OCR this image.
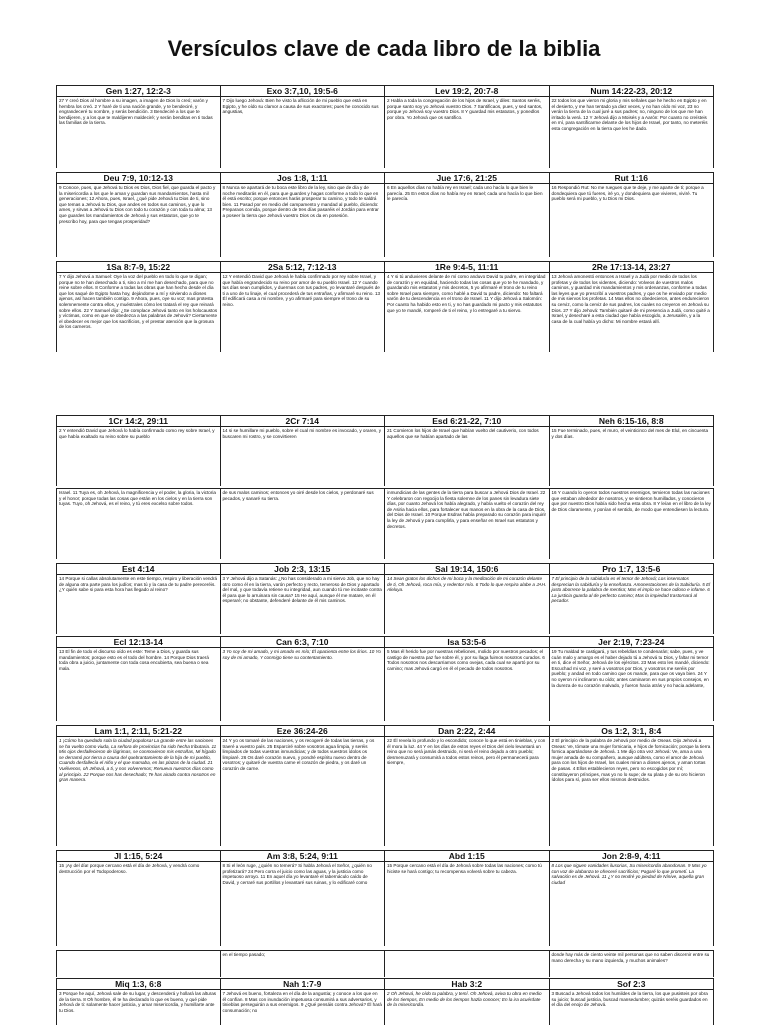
Versículos clave de cada libro de la biblia
Gen 1:27, 12:2-3
27 Y creó Dios al hombre a su imagen, a imagen de Dios lo creó; varón y hembra los creó. 2 Y haré de ti una nación grande, y te bendeciré, y engrandeceré tu nombre, y serás bendición. 3 Bendeciré a los que te bendijeren, y a los que te maldijeren maldeciré; y serán benditas en ti todas las familias de la tierra.
Exo 3:7,10, 19:5-6
7 Dijo luego Jehová: Bien he visto la aflicción de mi pueblo que está en Egipto, y he oído su clamor a causa de sus exactores; pues he conocido sus angustias,
Lev 19:2, 20:7-8
2 Habla a toda la congregación de los hijos de Israel, y diles: Santos seréis, porque santo soy yo Jehová vuestro Dios. 7 Santificaos, pues, y sed santos, porque yo Jehová soy vuestro Dios. 8 Y guardad mis estatutos, y ponedlos por obra. Yo Jehová que os santifico.
Num 14:22-23, 20:12
22 todos los que vieron mi gloria y mis señales que he hecho en Egipto y en el desierto, y me han tentado ya diez veces, y no han oído mi voz, 23 no verán la tierra de la cual juré a sus padres; no, ninguno de los que me han irritado la verá. 12 Y Jehová dijo a Moisés y a Aarón: Por cuanto no creísteis en mí, para santificarme delante de los hijos de Israel, por tanto, no meteréis esta congregación en la tierra que les he dado.
Deu 7:9, 10:12-13
9 Conoce, pues, que Jehová tu Dios es Dios, Dios fiel, que guarda el pacto y la misericordia a los que le aman y guardan sus mandamientos, hasta mil generaciones; 12 Ahora, pues, Israel, ¿qué pide Jehová tu Dios de ti, sino que temas a Jehová tu Dios, que andes en todos sus caminos, y que lo ames, y sirvas a Jehová tu Dios con todo tu corazón y con toda tu alma; 13 que guardes los mandamientos de Jehová y sus estatutos, que yo te prescribo hoy, para que tengas prosperidad?
Jos 1:8, 1:11
8 Nunca se apartará de tu boca este libro de la ley, sino que de día y de noche meditarás en él, para que guardes y hagas conforme a todo lo que en él está escrito; porque entonces harás prosperar tu camino, y todo te saldrá bien. 11 Pasad por en medio del campamento y mandad al pueblo, diciendo: Preparaos comida, porque dentro de tres días pasaréis el Jordán para entrar a poseer la tierra que Jehová vuestro Dios os da en posesión.
Jue 17:6, 21:25
6 En aquellos días no había rey en Israel; cada uno hacía lo que bien le parecía. 25 En estos días no había rey en Israel; cada uno hacía lo que bien le parecía.
Rut 1:16
16 Respondió Rut: No me ruegues que te deje, y me aparte de ti; porque a dondequiera que tú fueres, iré yo, y dondequiera que vivieres, viviré. Tu pueblo será mi pueblo, y tu Dios mi Dios.
1Sa 8:7-9, 15:22
7 Y dijo Jehová a Samuel: Oye la voz del pueblo en todo lo que te digan; porque no te han desechado a ti, sino a mí me han desechado, para que no reine sobre ellos. 8 Conforme a todas las obras que han hecho desde el día que los saqué de Egipto hasta hoy, dejándome a mí y sirviendo a dioses ajenos, así hacen también contigo. 9 Ahora, pues, oye su voz; mas protesta solemnemente contra ellos, y muéstrales cómo les tratará el rey que reinará sobre ellos. 22 Y Samuel dijo: ¿Se complace Jehová tanto en los holocaustos y víctimas, como en que se obedezca a las palabras de Jehová? Ciertamente el obedecer es mejor que los sacrificios, y el prestar atención que la grosura de los carneros.
2Sa 5:12, 7:12-13
12 Y entendió David que Jehová le había confirmado por rey sobre Israel, y que había engrandecido su reino por amor de su pueblo Israel. 12 Y cuando tus días sean cumplidos, y duermas con tus padres, yo levantaré después de ti a uno de tu linaje, el cual procederá de tus entrañas, y afirmaré su reino. 13 Él edificará casa a mi nombre, y yo afirmaré para siempre el trono de su reino.
1Re 9:4-5, 11:11
4 Y si tú anduvieres delante de mí como anduvo David tu padre, en integridad de corazón y en equidad, haciendo todas las cosas que yo te he mandado, y guardando mis estatutos y mis decretos, 5 yo afirmaré el trono de tu reino sobre Israel para siempre, como hablé a David tu padre, diciendo: No faltará varón de tu descendencia en el trono de Israel. 11 Y dijo Jehová a Salomón: Por cuanto ha habido esto en ti, y no has guardado mi pacto y mis estatutos que yo te mandé, romperé de ti el reino, y lo entregaré a tu siervo.
2Re 17:13-14, 23:27
13 Jehová amonestó entonces a Israel y a Judá por medio de todos los profetas y de todos los videntes, diciendo: Volveos de vuestros malos caminos, y guardad mis mandamientos y mis ordenanzas, conforme a todas las leyes que yo prescribí a vuestros padres, y que os he enviado por medio de mis siervos los profetas. 14 Mas ellos no obedecieron, antes endurecieron su cerviz, como la cerviz de sus padres, los cuales no creyeron en Jehová su Dios. 27 Y dijo Jehová: También quitaré de mi presencia a Judá, como quité a Israel, y desecharé a esta ciudad que había escogido, a Jerusalén, y a la casa de la cual había yo dicho: Mi nombre estará allí.
1Cr 14:2, 29:11
2 Y entendió David que Jehová lo había confirmado como rey sobre Israel, y que había exaltado su reino sobre su pueblo
2Cr 7:14
14 si se humillare mi pueblo, sobre el cual mi nombre es invocado, y oraren, y buscaren mi rostro, y se convirtieren
Esd 6:21-22, 7:10
21 Comieron los hijos de Israel que habían vuelto del cautiverio, con todos aquellos que se habían apartado de las
Neh 6:15-16, 8:8
15 Fue terminado, pues, el muro, el veinticinco del mes de Elul, en cincuenta y dos días.
Israel. 11 Tuya es, oh Jehová, la magnificencia y el poder, la gloria, la victoria y el honor; porque todas las cosas que están en los cielos y en la tierra son tuyas. Tuyo, oh Jehová, es el reino, y tú eres excelso sobre todos.
de sus malos caminos; entonces yo oiré desde los cielos, y perdonaré sus pecados, y sanaré su tierra.
inmundicias de las gentes de la tierra para buscar a Jehová Dios de Israel. 22 Y celebraron con regocijo la fiesta solemne de los panes sin levadura siete días, por cuanto Jehová los había alegrado, y había vuelto el corazón del rey de Asiria hacia ellos, para fortalecer sus manos en la obra de la casa de Dios, del Dios de Israel. 10 Porque Esdras había preparado su corazón para inquirir la ley de Jehová y para cumplirla, y para enseñar en Israel sus estatutos y decretos.
16 Y cuando lo oyeron todos nuestros enemigos, temieron todas las naciones que estaban alrededor de nosotros, y se sintieron humillados, y conocieron que por nuestro Dios había sido hecha esta obra. 8 Y leían en el libro de la ley de Dios claramente, y ponían el sentido, de modo que entendiesen la lectura.
Est 4:14
14 Porque si callas absolutamente en este tiempo, respiro y liberación vendrá de alguna otra parte para los judíos; mas tú y la casa de tu padre pereceréis. ¿Y quién sabe si para esta hora has llegado al reino?
Job 2:3, 13:15
3 Y Jehová dijo a Satanás: ¿No has considerado a mi siervo Job, que no hay otro como él en la tierra, varón perfecto y recto, temeroso de Dios y apartado del mal, y que todavía retiene su integridad, aun cuando tú me incitaste contra él para que lo arruinara sin causa? 15 He aquí, aunque él me matare, en él esperaré; no obstante, defenderé delante de él mis caminos.
Sal 19:14, 150:6
14 Sean gratos los dichos de mi boca y la meditación de mi corazón delante de ti, Oh Jehová, roca mía, y redentor mío. 6 Todo lo que respira alabe a JAH. Aleluya.
Pro 1:7, 13:5-6
7 El principio de la sabiduría es el temor de Jehová; Los insensatos desprecian la sabiduría y la enseñanza. Amonestaciones de la Sabiduría. 5 El justo aborrece la palabra de mentira; Mas el impío se hace odioso e infame. 6 La justicia guarda al de perfecto camino; Mas la impiedad trastornará al pecador.
Ecl 12:13-14
13 El fin de todo el discurso oído es este: Teme a Dios, y guarda sus mandamientos; porque esto es el todo del hombre. 14 Porque Dios traerá toda obra a juicio, juntamente con toda cosa encubierta, sea buena o sea mala.
Can 6:3, 7:10
3 Yo soy de mi amado, y mi amado es mío; Él apacienta entre los lirios. 10 Yo soy de mi amado, Y conmigo tiene su contentamiento.
Isa 53:5-6
5 Mas él herido fue por nuestras rebeliones, molido por nuestros pecados; el castigo de nuestra paz fue sobre él, y por su llaga fuimos nosotros curados. 6 Todos nosotros nos descarriamos como ovejas, cada cual se apartó por su camino; mas Jehová cargó en él el pecado de todos nosotros.
Jer 2:19, 7:23-24
19 Tu maldad te castigará, y tus rebeldías te condenarán; sabe, pues, y ve cuán malo y amargo es el haber dejado tú a Jehová tu Dios, y faltar mi temor en ti, dice el Señor, Jehová de los ejércitos. 23 Mas esto les mandé, diciendo: Escuchad mi voz, y seré a vosotros por Dios, y vosotros me seréis por pueblo; y andad en todo camino que os mande, para que os vaya bien. 24 Y no oyeron ni inclinaron su oído; antes caminaron en sus propios consejos, en la dureza de su corazón malvado, y fueron hacia atrás y no hacia adelante,
Lam 1:1, 2:11, 5:21-22
1 ¡Cómo ha quedado sola la ciudad populosa! La grande entre las naciones se ha vuelto como viuda, La señora de provincias ha sido hecha tributaria. 11 Mis ojos desfallecieron de lágrimas, se conmovieron mis entrañas, Mi hígado se derramó por tierra a causa del quebrantamiento de la hija de mi pueblo, Cuando desfallecía el niño y el que mamaba, en las plazas de la ciudad. 21 Vuélvenos, oh Jehová, a ti, y nos volveremos; Renueva nuestros días como al principio. 22 Porque nos has desechado; Te has airado contra nosotros en gran manera.
Eze 36:24-26
24 Y yo os tomaré de las naciones, y os recogeré de todas las tierras, y os traeré a vuestro país. 25 Esparciré sobre vosotros agua limpia, y seréis limpiados de todas vuestras inmundicias; y de todos vuestros ídolos os limpiaré. 26 Os daré corazón nuevo, y pondré espíritu nuevo dentro de vosotros; y quitaré de vuestra carne el corazón de piedra, y os daré un corazón de carne.
Dan 2:22, 2:44
22 Él revela lo profundo y lo escondido; conoce lo que está en tinieblas, y con él mora la luz. 44 Y en los días de estos reyes el Dios del cielo levantará un reino que no será jamás destruido, ni será el reino dejado a otro pueblo; desmenuzará y consumirá a todos estos reinos, pero él permanecerá para siempre,
Os 1:2, 3:1, 8:4
2 El principio de la palabra de Jehová por medio de Oseas. Dijo Jehová a Oseas: Ve, tómate una mujer fornicaria, e hijos de fornicación; porque la tierra fornica apartándose de Jehová. 1 Me dijo otra vez Jehová: Ve, ama a una mujer amada de su compañero, aunque adúltera, como el amor de Jehová para con los hijos de Israel, los cuales miran a dioses ajenos, y aman tortas de pasas. 4 Ellos establecieron reyes, pero no escogidos por mí; constituyeron príncipes, mas yo no lo supe; de su plata y de su oro hicieron ídolos para sí, para ser ellos mismos destruidos.
Jl 1:15, 5:24
15 ¡Ay del día! porque cercano está el día de Jehová, y vendrá como destrucción por el Todopoderoso.
Am 3:8, 5:24, 9:11
8 Si el león ruge, ¿quién no temerá? Si habla Jehová el Señor, ¿quién no profetizará? 24 Pero corra el juicio como las aguas, y la justicia como impetuoso arroyo. 11 En aquel día yo levantaré el tabernáculo caído de David, y cerraré sus portillos y levantaré sus ruinas, y lo edificaré como
Abd 1:15
15 Porque cercano está el día de Jehová sobre todas las naciones; como tú hiciste se hará contigo; tu recompensa volverá sobre tu cabeza.
Jon 2:8-9, 4:11
8 Los que siguen vanidades ilusorias, Su misericordia abandonan. 9 Mas yo con voz de alabanza te ofreceré sacrificios; Pagaré lo que prometí. La salvación es de Jehová. 11 ¿Y no tendré yo piedad de Nínive, aquella gran ciudad
en el tiempo pasado;	donde hay más de ciento veinte mil personas que no saben discernir entre su mano derecha y su mano izquierda, y muchos animales?
Miq 1:3, 6:8
3 Porque he aquí, Jehová sale de su lugar, y descenderá y hollará las alturas de la tierra. 8 Oh hombre, él te ha declarado lo que es bueno, y qué pide Jehová de ti: solamente hacer justicia, y amar misericordia, y humillarte ante tu Dios.
Nah 1:7-9
7 Jehová es bueno, fortaleza en el día de la angustia; y conoce a los que en él confían. 8 Mas con inundación impetuosa consumirá a sus adversarios, y tinieblas perseguirán a sus enemigos. 9 ¿Qué pensáis contra Jehová? Él hará consumación; no
Hab 3:2
2 Oh Jehová, he oído tu palabra, y temí. Oh Jehová, aviva tu obra en medio de los tiempos, En medio de los tiempos hazla conocer; En la ira acuérdate de la misericordia.
Sof 2:3
3 Buscad a Jehová todos los humildes de la tierra, los que pusisteis por obra su juicio; buscad justicia, buscad mansedumbre; quizás seréis guardados en el día del enojo de Jehová.
